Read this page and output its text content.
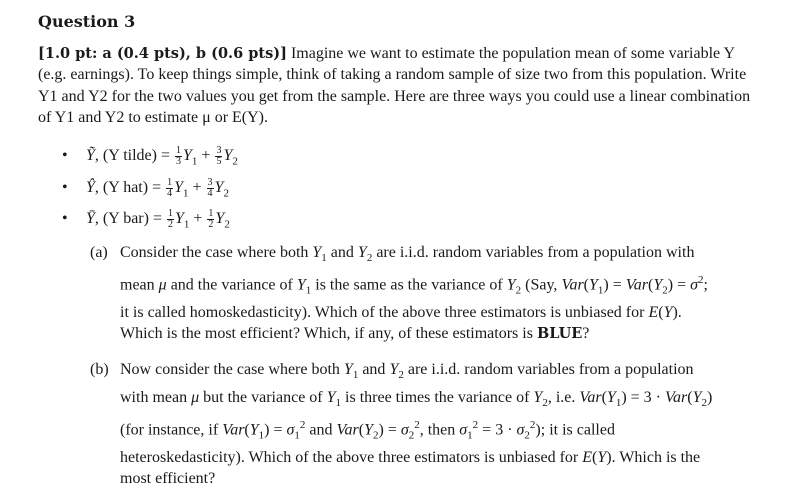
Question 3
[1.0 pt: a (0.4 pts), b (0.6 pts)] Imagine we want to estimate the population mean of some variable Y (e.g. earnings). To keep things simple, think of taking a random sample of size two from this population. Write Y1 and Y2 for the two values you get from the sample. Here are three ways you could use a linear combination of Y1 and Y2 to estimate μ or E(Y).
• Ỹ, (Y tilde) = $\frac{1}{3} Y_1 + \frac{3}{5} Y_2$
• Ŷ, (Y $hat) = \frac{1}{4} Y_1 + \frac{3}{4} Y_2$
• Ȳ, (Y $bar) = \frac{1}{2} Y_1 + \frac{1}{2} Y_2$
(a) Consider the case where both $Y_1$ and $Y_2$ are i.i.d. random variables from a population with mean μ and the variance of $Y_1$ is the same as the variance of $Y_2$ (Say, $Var(Y_1) = Var(Y_2) = \sigma^2$; it is called homoskedasticity). Which of the above three estimators is unbiased for E(Y). Which is the most efficient? Which, if any, of these estimators is BLUE?
(b) Now consider the case where both $Y_1$ and $Y_2$ are i.i.d. random variables from a population with mean μ but the variance of $Y_1$ is three times the variance of $Y_2$, i.e. $Var(Y_1) = 3 \cdot Var(Y_2)$ (for instance, if $Var(Y_1) = \sigma_1^2$ and $Var(Y_2) = \sigma_2^2$, then $\sigma_1^2 = 3 \cdot \sigma_2^2$); it is called heteroskedasticity). Which of the above three estimators is unbiased for E(Y). Which is the most efficient?
